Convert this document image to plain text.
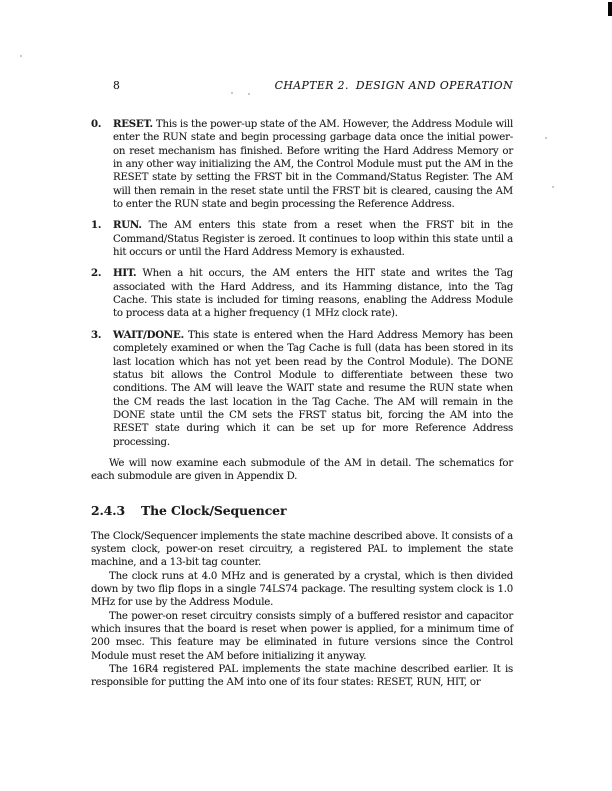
8	CHAPTER 2. DESIGN AND OPERATION
0. RESET. This is the power-up state of the AM. However, the Address Module will enter the RUN state and begin processing garbage data once the initial power-on reset mechanism has finished. Before writing the Hard Address Memory or in any other way initializing the AM, the Control Module must put the AM in the RESET state by setting the FRST bit in the Command/Status Register. The AM will then remain in the reset state until the FRST bit is cleared, causing the AM to enter the RUN state and begin processing the Reference Address.
1. RUN. The AM enters this state from a reset when the FRST bit in the Command/Status Register is zeroed. It continues to loop within this state until a hit occurs or until the Hard Address Memory is exhausted.
2. HIT. When a hit occurs, the AM enters the HIT state and writes the Tag associated with the Hard Address, and its Hamming distance, into the Tag Cache. This state is included for timing reasons, enabling the Address Module to process data at a higher frequency (1 MHz clock rate).
3. WAIT/DONE. This state is entered when the Hard Address Memory has been completely examined or when the Tag Cache is full (data has been stored in its last location which has not yet been read by the Control Module). The DONE status bit allows the Control Module to differentiate between these two conditions. The AM will leave the WAIT state and resume the RUN state when the CM reads the last location in the Tag Cache. The AM will remain in the DONE state until the CM sets the FRST status bit, forcing the AM into the RESET state during which it can be set up for more Reference Address processing.
We will now examine each submodule of the AM in detail. The schematics for each submodule are given in Appendix D.
2.4.3 The Clock/Sequencer
The Clock/Sequencer implements the state machine described above. It consists of a system clock, power-on reset circuitry, a registered PAL to implement the state machine, and a 13-bit tag counter.
The clock runs at 4.0 MHz and is generated by a crystal, which is then divided down by two flip flops in a single 74LS74 package. The resulting system clock is 1.0 MHz for use by the Address Module.
The power-on reset circuitry consists simply of a buffered resistor and capacitor which insures that the board is reset when power is applied, for a minimum time of 200 msec. This feature may be eliminated in future versions since the Control Module must reset the AM before initializing it anyway.
The 16R4 registered PAL implements the state machine described earlier. It is responsible for putting the AM into one of its four states: RESET, RUN, HIT, or
